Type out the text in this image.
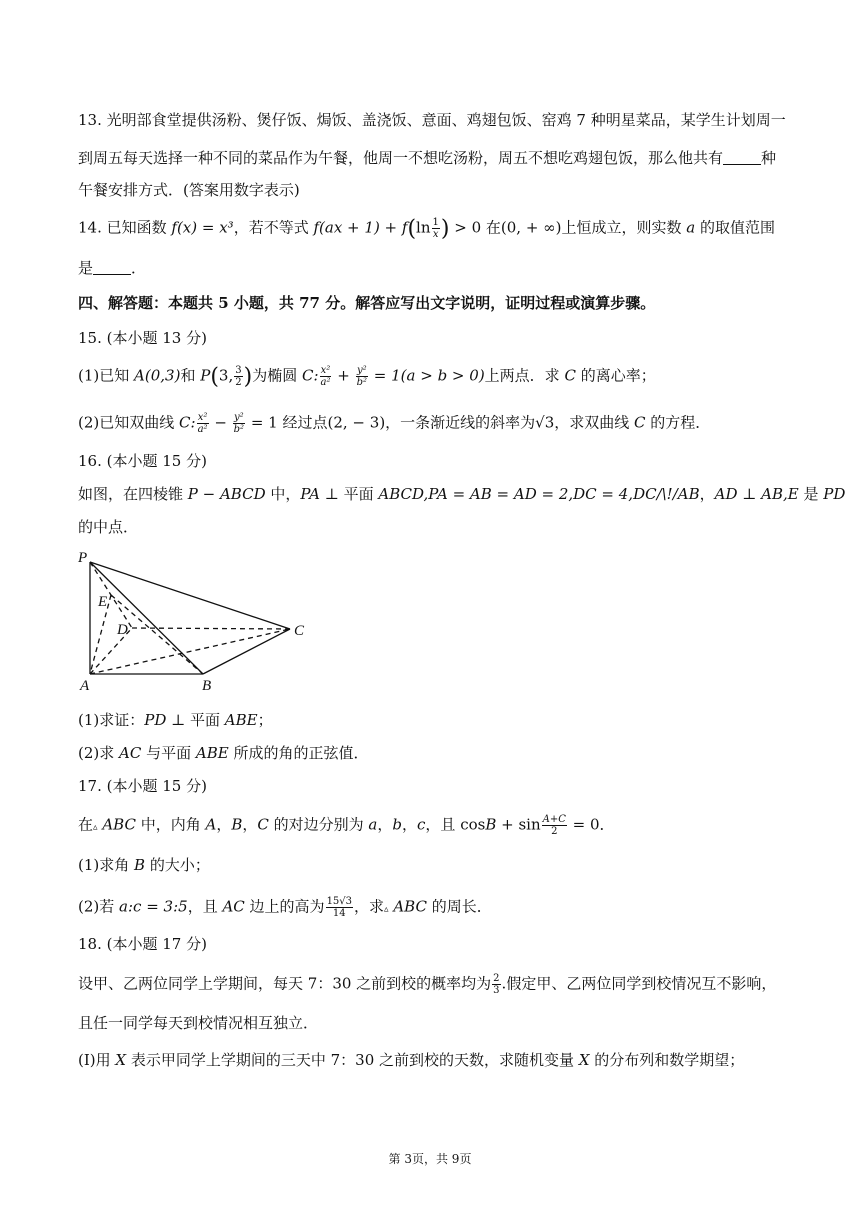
13. 光明部食堂提供汤粉、煲仔饭、焗饭、盖浇饭、意面、鸡翅包饭、窑鸡 7 种明星菜品，某学生计划周一
到周五每天选择一种不同的菜品作为午餐，他周一不想吃汤粉，周五不想吃鸡翅包饭，那么他共有	种
午餐安排方式．(答案用数字表示)
14. 已知函数 f(x) = x³，若不等式 $f(ax + 1) + f(\ln \frac{1}{x}$ ) > 0 在(0, + ∞)上恒成立，则实数 a 的取值范围
是	．
四、解答题：本题共 5 小题，共 77 分。解答应写出文字说明，证明过程或演算步骤。
15. (本小题 13 分)
(1)已知 A(0,3)和 P(3, $\frac{3}{2}$ )为椭圆 C: $\frac{\text{x²}}{\text{a²}} + \frac{\text{y²}}{\text{b²}} = 1(a > b > 0)$上两点．求 C 的离心率；
(2)已知双曲线 C: $\frac{\text{x²}}{\text{a²}} - \frac{\text{y²}}{\text{b²}} = 1$ 经过点(2, − 3)，一条渐近线的斜率为√3，求双曲线 C 的方程．
16. (本小题 15 分)
如图，在四棱锥 P − ABCD 中，PA ⊥ 平面 ABCD,PA = AB = AD = 2,DC = 4,DC/\!/AB，AD ⊥ AB,E 是 PD
的中点．
P
E
D	C
A	B
(1)求证：PD ⊥ 平面 ABE；
(2)求 AC 与平面 ABE 所成的角的正弦值．
17. (本小题 15 分)
在▵ ABC 中，内角 A，B，C 的对边分别为 a，b，c，且 $\cos B + \sin \frac{A+C}{2} = 0$．
(1)求角 B 的大小；
(2)若 a:c = 3:5，且 AC 边上的高为 $\frac{15√3}{14}$ ，求▵ ABC 的周长．
18. (本小题 17 分)
设甲、乙两位同学上学期间，每天 7：30 之前到校的概率均为 $\frac{2}{3}$ .假定甲、乙两位同学到校情况互不影响，
且任一同学每天到校情况相互独立．
(Ⅰ)用 X 表示甲同学上学期间的三天中 7：30 之前到校的天数，求随机变量 X 的分布列和数学期望；
第 3页，共 9页
